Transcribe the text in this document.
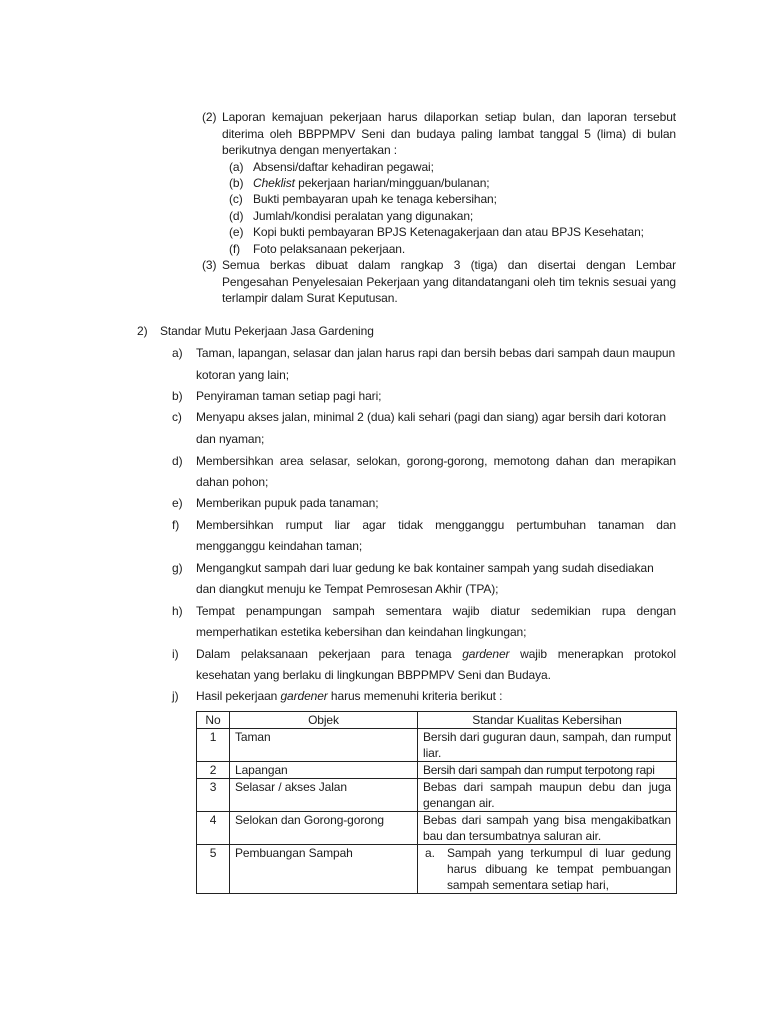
(2) Laporan kemajuan pekerjaan harus dilaporkan setiap bulan, dan laporan tersebut
diterima oleh BBPPMPV Seni dan budaya paling lambat tanggal 5 (lima) di bulan
berikutnya dengan menyertakan :
(a) Absensi/daftar kehadiran pegawai;
(b) Cheklist pekerjaan harian/mingguan/bulanan;
(c) Bukti pembayaran upah ke tenaga kebersihan;
(d) Jumlah/kondisi peralatan yang digunakan;
(e) Kopi bukti pembayaran BPJS Ketenagakerjaan dan atau BPJS Kesehatan;
(f) Foto pelaksanaan pekerjaan.
(3) Semua berkas dibuat dalam rangkap 3 (tiga) dan disertai dengan Lembar
Pengesahan Penyelesaian Pekerjaan yang ditandatangani oleh tim teknis sesuai yang
terlampir dalam Surat Keputusan.
2) Standar Mutu Pekerjaan Jasa Gardening
a) Taman, lapangan, selasar dan jalan harus rapi dan bersih bebas dari sampah daun maupun
kotoran yang lain;
b) Penyiraman taman setiap pagi hari;
c) Menyapu akses jalan, minimal 2 (dua) kali sehari (pagi dan siang) agar bersih dari kotoran
dan nyaman;
d) Membersihkan area selasar, selokan, gorong-gorong, memotong dahan dan merapikan
dahan pohon;
e) Memberikan pupuk pada tanaman;
f) Membersihkan rumput liar agar tidak mengganggu pertumbuhan tanaman dan
mengganggu keindahan taman;
g) Mengangkut sampah dari luar gedung ke bak kontainer sampah yang sudah disediakan
dan diangkut menuju ke Tempat Pemrosesan Akhir (TPA);
h) Tempat penampungan sampah sementara wajib diatur sedemikian rupa dengan
memperhatikan estetika kebersihan dan keindahan lingkungan;
i) Dalam pelaksanaan pekerjaan para tenaga gardener wajib menerapkan protokol
kesehatan yang berlaku di lingkungan BBPPMPV Seni dan Budaya.
j) Hasil pekerjaan gardener harus memenuhi kriteria berikut :
No	Objek	Standar Kualitas Kebersihan
1	Taman	Bersih dari guguran daun, sampah, dan rumput liar.
2	Lapangan	Bersih dari sampah dan rumput terpotong rapi
3	Selasar / akses Jalan	Bebas dari sampah maupun debu dan juga genangan air.
4	Selokan dan Gorong-gorong	Bebas dari sampah yang bisa mengakibatkan bau dan tersumbatnya saluran air.
5	Pembuangan Sampah	a. Sampah yang terkumpul di luar gedung harus dibuang ke tempat pembuangan sampah sementara setiap hari,
